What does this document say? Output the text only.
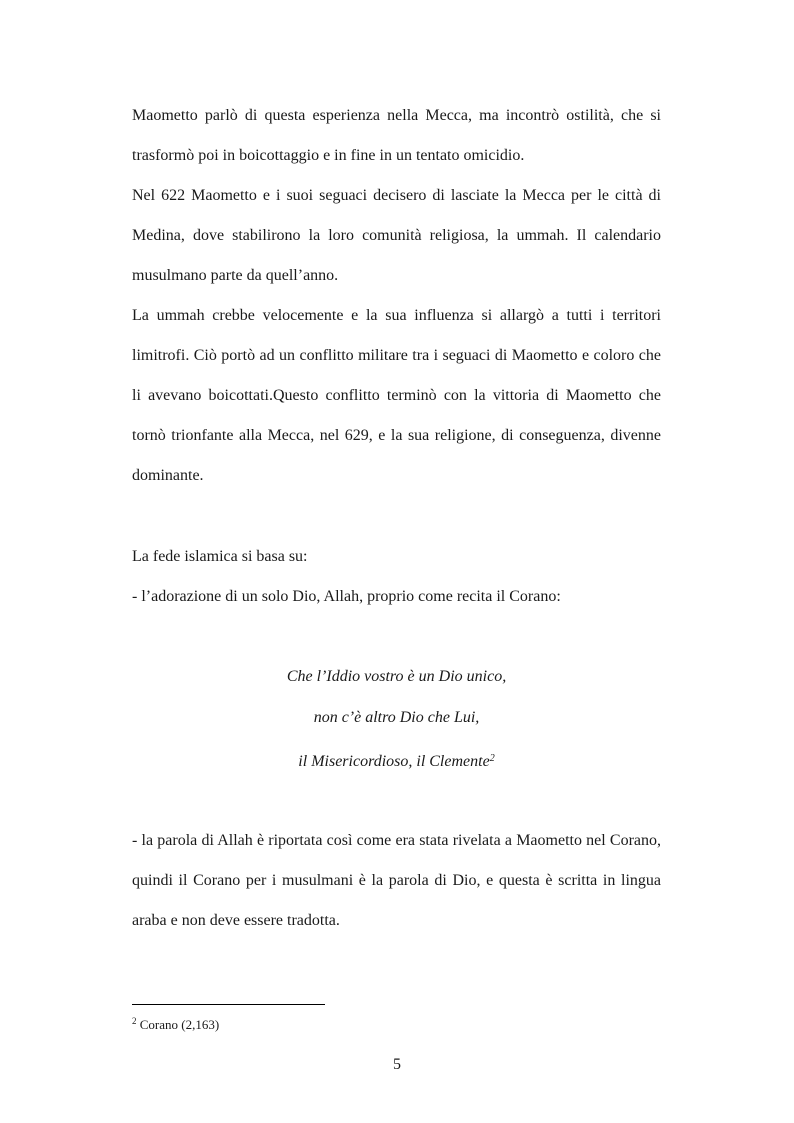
Maometto parlò di questa esperienza nella Mecca, ma incontrò ostilità, che si trasformò poi in boicottaggio e in fine in un tentato omicidio.

Nel 622 Maometto e i suoi seguaci decisero di lasciate la Mecca per le città di Medina, dove stabilirono la loro comunità religiosa, la ummah. Il calendario musulmano parte da quell’anno.

La ummah crebbe velocemente e la sua influenza si allargò a tutti i territori limitrofi. Ciò portò ad un conflitto militare tra i seguaci di Maometto e coloro che li avevano boicottati.Questo conflitto terminò con la vittoria di Maometto che tornò trionfante alla Mecca, nel 629, e la sua religione, di conseguenza, divenne dominante.

La fede islamica si basa su:

- l’adorazione di un solo Dio, Allah, proprio come recita il Corano:

Che l’Iddio vostro è un Dio unico,
non c’è altro Dio che Lui,
il Misericordioso, il Clemente$^2$

- la parola di Allah è riportata così come era stata rivelata a Maometto nel Corano, quindi il Corano per i musulmani è la parola di Dio, e questa è scritta in lingua araba e non deve essere tradotta.

$^2$ Corano (2,163)
5
